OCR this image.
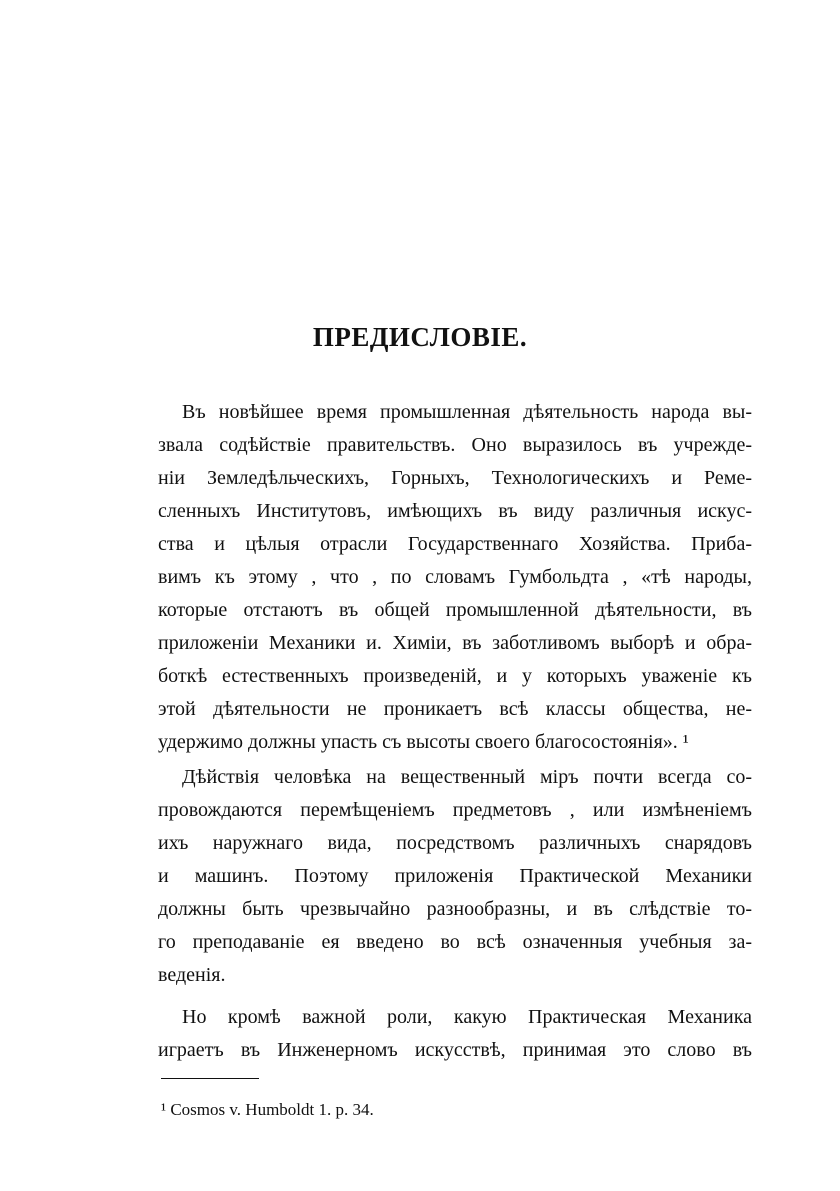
ПРЕДИСЛОВІЕ.
Въ новѣйшее время промышленная дѣятельность народа вы-
звала содѣйствіе правительствъ. Оно выразилось въ учрежде-
ніи Земледѣльческихъ, Горныхъ, Технологическихъ и Ремe-
сленныхъ Институтовъ, имѣющихъ въ виду различныя искус-
ства и цѣлыя отрасли Государственнаго Хозяйства. Прибa-
вимъ къ этому , что , по словамъ Гумбольдта , «тѣ народы,
которые отстаютъ въ общей промышленной дѣятельности, въ
приложеніи Механики и. Химіи, въ заботливомъ выборѣ и обра-
боткѣ естественныхъ произведеній, и у которыхъ уваженіе къ
этой дѣятельности не проникаетъ всѣ классы общества, не-
удержимо должны упасть съ высоты своего благосостоянія». ¹
Дѣйствія человѣка на вещественный міръ почти всегда со-
провождаются перемѣщеніемъ предметовъ , или измѣненіемъ
ихъ наружнаго вида, посредствомъ различныхъ снарядовъ
и машинъ. Поэтому приложенія Практической Механики
должны быть чрезвычайно разнообразны, и въ слѣдствіе то-
го преподаваніе ея введено во всѣ означенныя учебныя за-
веденія.
Но кромѣ важной роли, какую Практическая Механика
играетъ въ Инженерномъ искусствѣ, принимая это слово въ

¹ Cosmos v. Humboldt 1. p. 34.
